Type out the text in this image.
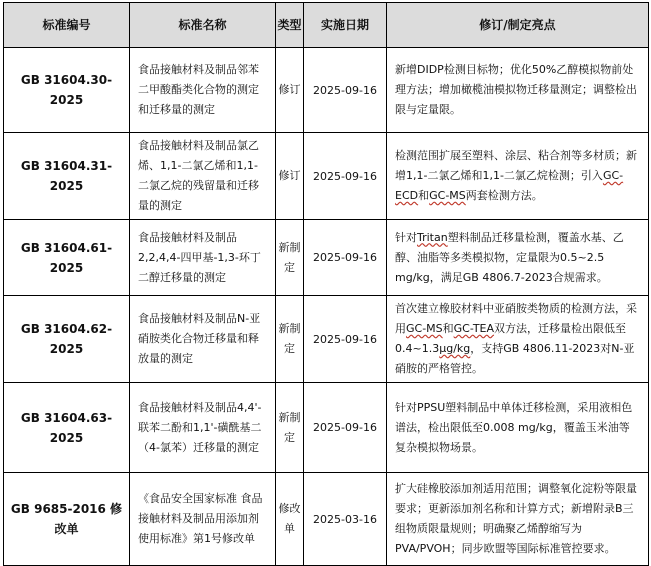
标准编号	标准名称	类型	实施日期	修订/制定亮点
GB 31604.30-2025	食品接触材料及制品邻苯二甲酸酯类化合物的测定和迁移量的测定	修订	2025-09-16	新增DIDP检测目标物；优化50%乙醇模拟物前处理方法；增加橄榄油模拟物迁移量测定；调整检出限与定量限。
GB 31604.31-2025	食品接触材料及制品氯乙烯、1,1-二氯乙烯和1,1-二氯乙烷的残留量和迁移量的测定	修订	2025-09-16	检测范围扩展至塑料、涂层、粘合剂等多材质；新增1,1-二氯乙烯和1,1-二氯乙烷检测；引入GC-ECD和GC-MS两套检测方法。
GB 31604.61-2025	食品接触材料及制品2,2,4,4-四甲基-1,3-环丁二醇迁移量的测定	新制定	2025-09-16	针对Tritan塑料制品迁移量检测，覆盖水基、乙醇、油脂等多类模拟物，定量限为0.5~2.5 mg/kg，满足GB 4806.7-2023合规需求。
GB 31604.62-2025	食品接触材料及制品N-亚硝胺类化合物迁移量和释放量的测定	新制定	2025-09-16	首次建立橡胶材料中亚硝胺类物质的检测方法，采用GC-MS和GC-TEA双方法，迁移量检出限低至0.4~1.3μg/kg，支持GB 4806.11-2023对N-亚硝胺的严格管控。
GB 31604.63-2025	食品接触材料及制品4,4'-联苯二酚和1,1'-磺酰基二（4-氯苯）迁移量的测定	新制定	2025-09-16	针对PPSU塑料制品中单体迁移检测，采用液相色谱法，检出限低至0.008 mg/kg，覆盖玉米油等复杂模拟物场景。
GB 9685-2016 修改单	《食品安全国家标准 食品接触材料及制品用添加剂使用标准》第1号修改单	修改单	2025-03-16	扩大硅橡胶添加剂适用范围；调整氧化淀粉等限量要求；更新添加剂名称和计算方式；新增附录B三组物质限量规则；明确聚乙烯醇缩写为PVA/PVOH；同步欧盟等国际标准管控要求。
